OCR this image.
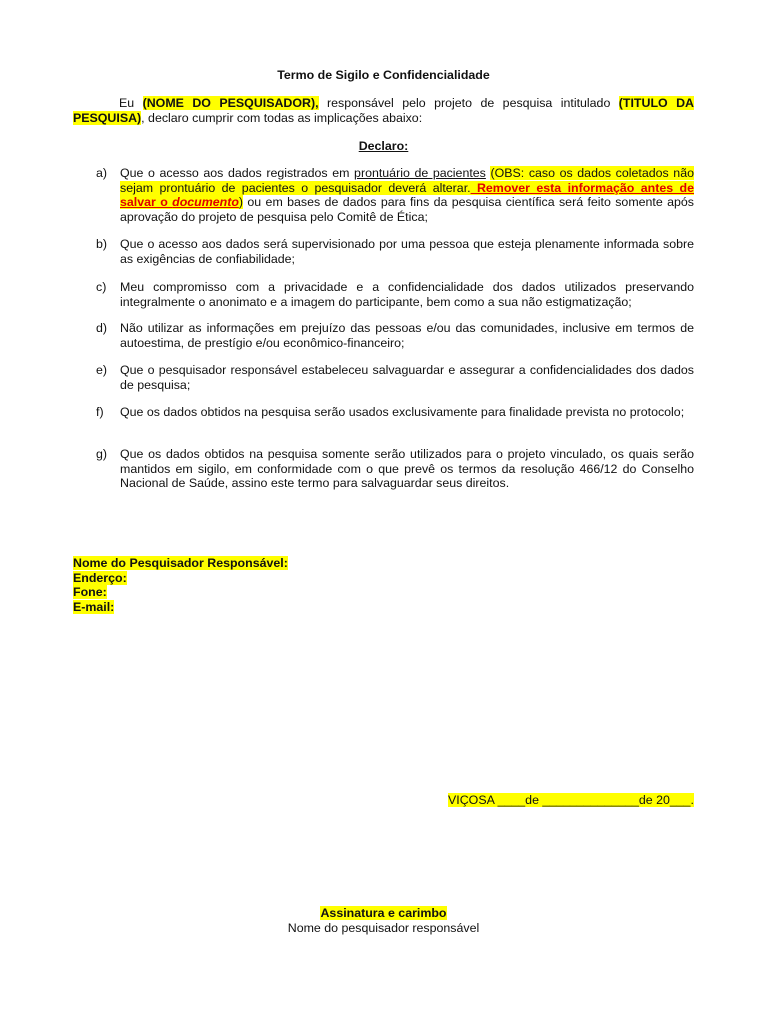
Termo de Sigilo e Confidencialidade
Eu (NOME DO PESQUISADOR), responsável pelo projeto de pesquisa intitulado (TITULO DA PESQUISA), declaro cumprir com todas as implicações abaixo:
Declaro:
a)	Que o acesso aos dados registrados em prontuário de pacientes (OBS: caso os dados coletados não sejam prontuário de pacientes o pesquisador deverá alterar. Remover esta informação antes de salvar o documento) ou em bases de dados para fins da pesquisa científica será feito somente após aprovação do projeto de pesquisa pelo Comitê de Ética;
b)	Que o acesso aos dados será supervisionado por uma pessoa que esteja plenamente informada sobre as exigências de confiabilidade;
c)	Meu compromisso com a privacidade e a confidencialidade dos dados utilizados preservando integralmente o anonimato e a imagem do participante, bem como a sua não estigmatização;
d)	Não utilizar as informações em prejuízo das pessoas e/ou das comunidades, inclusive em termos de autoestima, de prestígio e/ou econômico-financeiro;
e)	Que o pesquisador responsável estabeleceu salvaguardar e assegurar a confidencialidades dos dados de pesquisa;
f)	Que os dados obtidos na pesquisa serão usados exclusivamente para finalidade prevista no protocolo;
g)	Que os dados obtidos na pesquisa somente serão utilizados para o projeto vinculado, os quais serão mantidos em sigilo, em conformidade com o que prevê os termos da resolução 466/12 do Conselho Nacional de Saúde, assino este termo para salvaguardar seus direitos.
Nome do Pesquisador Responsável:
Enderço:
Fone:
E-mail:
VIÇOSA ____de ______________de 20___.
Assinatura e carimbo
Nome do pesquisador responsável
